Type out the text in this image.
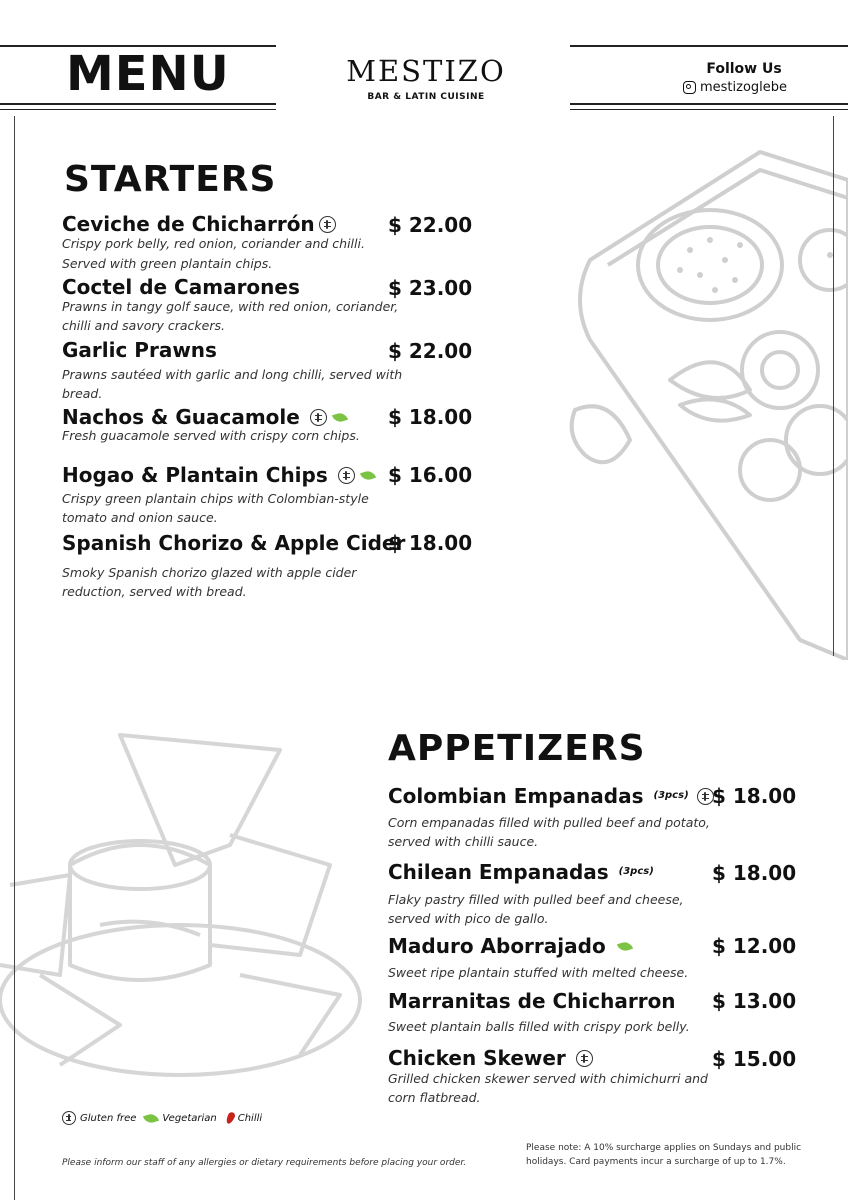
MENU	MESTIZO
BAR & LATIN CUISINE
Follow Us
mestizoglebe
STARTERS
Ceviche de Chicharrón	$ 22.00
Crispy pork belly, red onion, coriander and chilli.
Served with green plantain chips.
Coctel de Camarones	$ 23.00
Prawns in tangy golf sauce, with red onion, coriander,
chilli and savory crackers.
Garlic Prawns	$ 22.00
Prawns sautéed with garlic and long chilli, served with
bread.
Nachos & Guacamole	$ 18.00
Fresh guacamole served with crispy corn chips.
Hogao & Plantain Chips	$ 16.00
Crispy green plantain chips with Colombian-style
tomato and onion sauce.
Spanish Chorizo & Apple Cider
$ 18.00
Smoky Spanish chorizo glazed with apple cider
reduction, served with bread.
APPETIZERS
Colombian Empanadas (3pcs) $ 18.00
Corn empanadas filled with pulled beef and potato,
served with chilli sauce.
Chilean Empanadas (3pcs)	$ 18.00
Flaky pastry filled with pulled beef and cheese,
served with pico de gallo.
Maduro Aborrajado	$ 12.00
Sweet ripe plantain stuffed with melted cheese.
Marranitas de Chicharron $ 13.00
Sweet plantain balls filled with crispy pork belly.
Chicken Skewer	$ 15.00
Grilled chicken skewer served with chimichurri and
corn flatbread.
Gluten free	Vegetarian Chilli
Please inform our staff of any allergies or dietary requirements before placing your order.
Please note: A 10% surcharge applies on Sundays and public
holidays. Card payments incur a surcharge of up to 1.7%.
